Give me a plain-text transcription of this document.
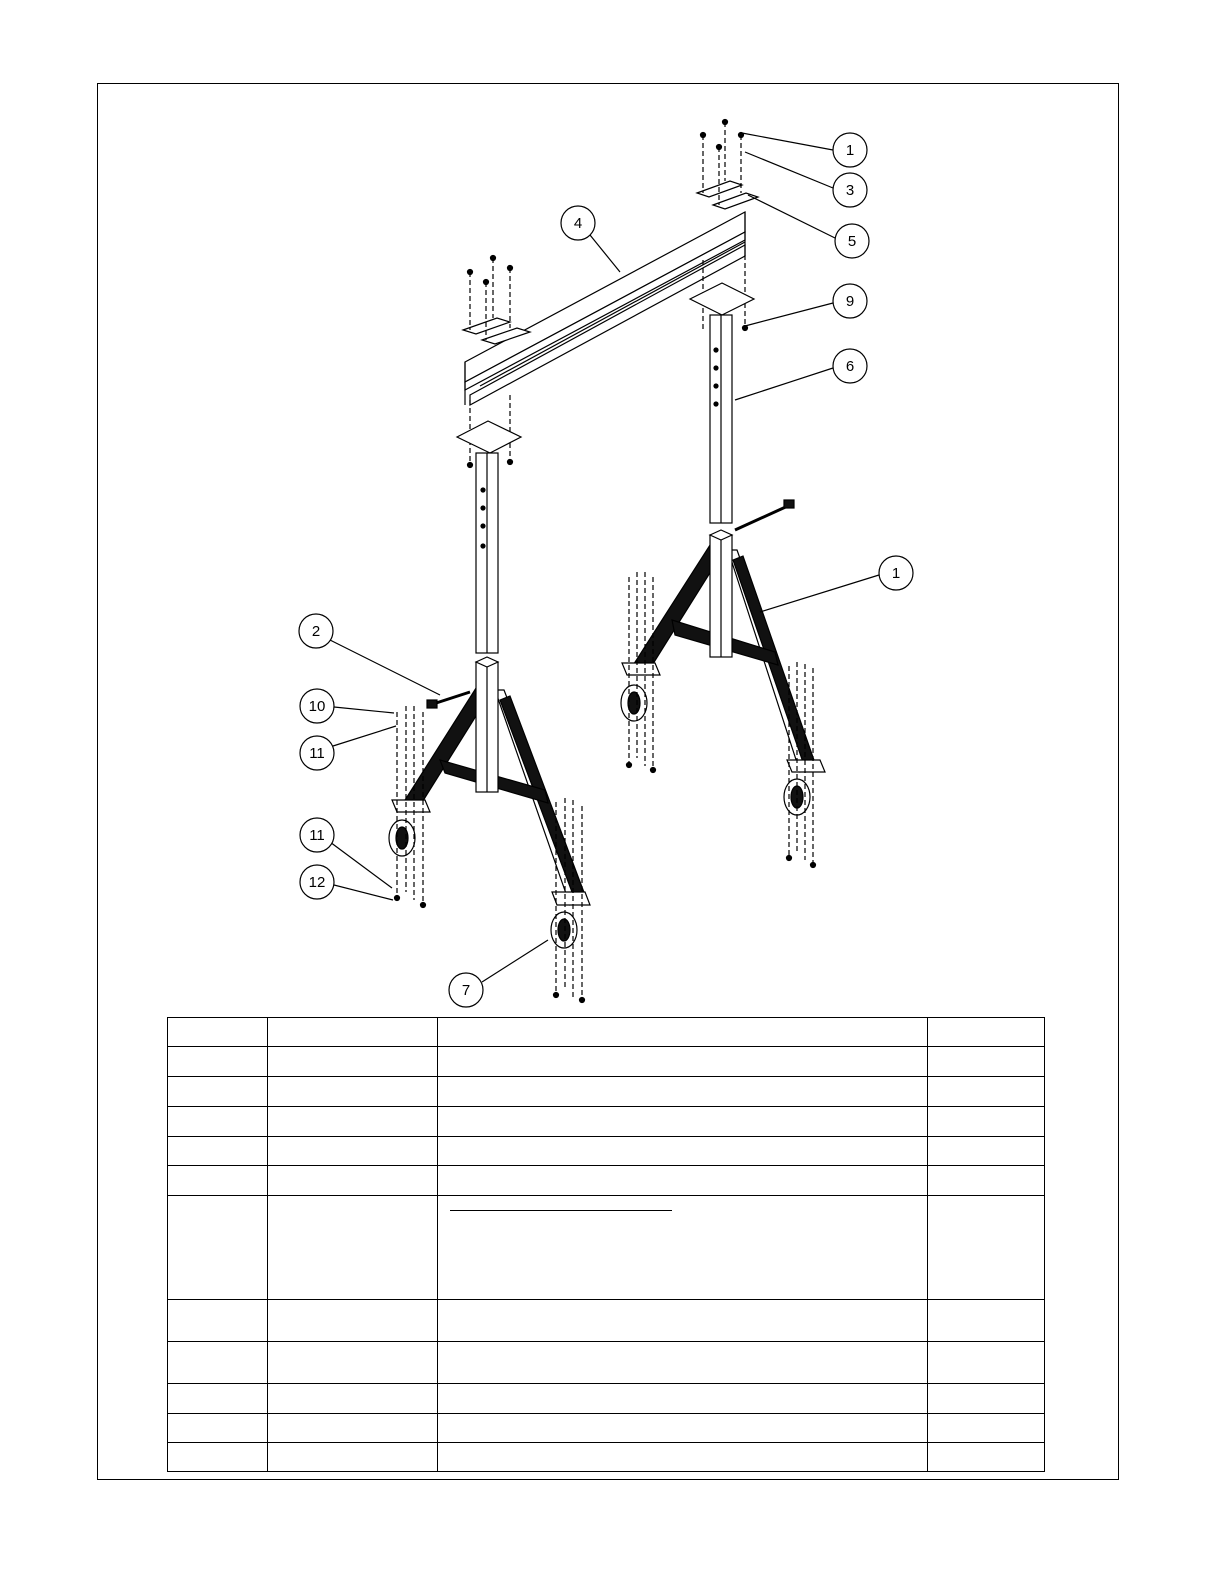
1
3
5
4
9
6
1
2
10
11
11
12
7
